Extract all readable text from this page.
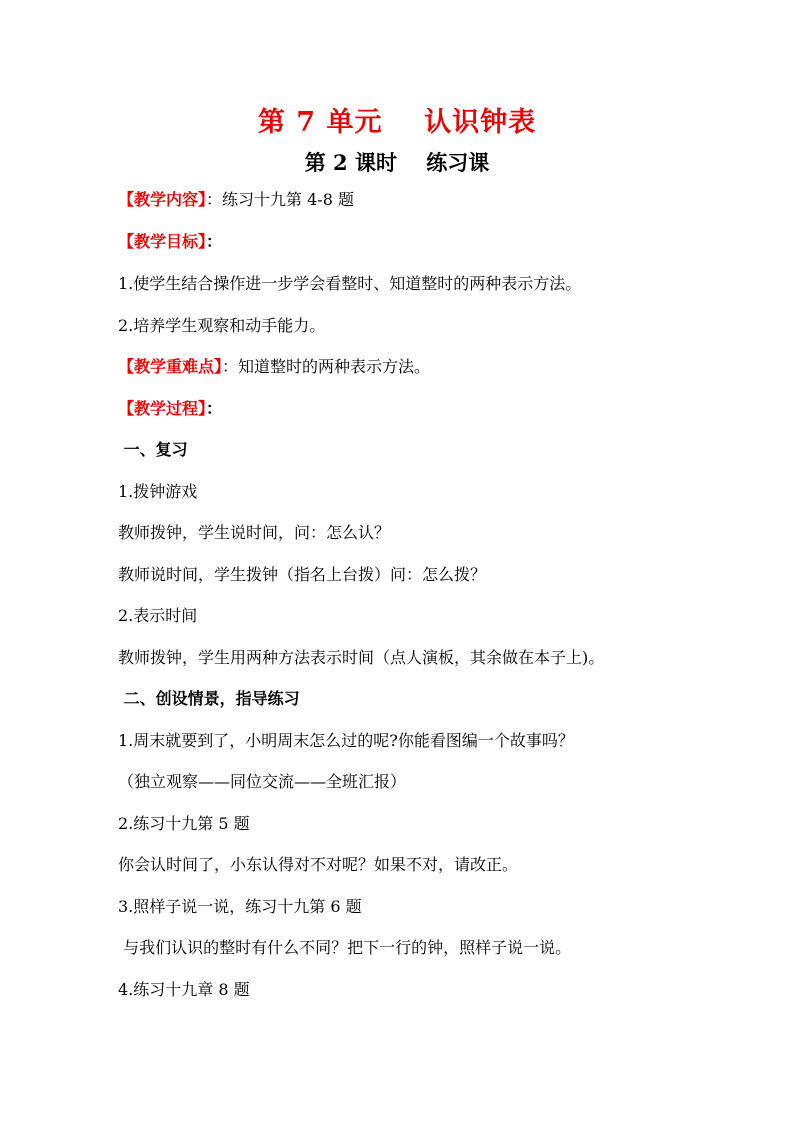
第 7 单元    认识钟表
第 2 课时    练习课
【教学内容】：练习十九第 4-8 题
【教学目标】：
1.使学生结合操作进一步学会看整时、知道整时的两种表示方法。
2.培养学生观察和动手能力。
【教学重难点】：知道整时的两种表示方法。
【教学过程】：
一、复习
1.拨钟游戏
教师拨钟，学生说时间，问：怎么认？
教师说时间，学生拨钟（指名上台拨）问：怎么拨？
2.表示时间
教师拨钟，学生用两种方法表示时间（点人演板，其余做在本子上)。
二、创设情景，指导练习
1.周末就要到了，小明周末怎么过的呢?你能看图编一个故事吗？
（独立观察——同位交流——全班汇报）
2.练习十九第 5 题
你会认时间了，小东认得对不对呢？如果不对，请改正。
3.照样子说一说，练习十九第 6 题
与我们认识的整时有什么不同？把下一行的钟，照样子说一说。
4.练习十九章 8 题
